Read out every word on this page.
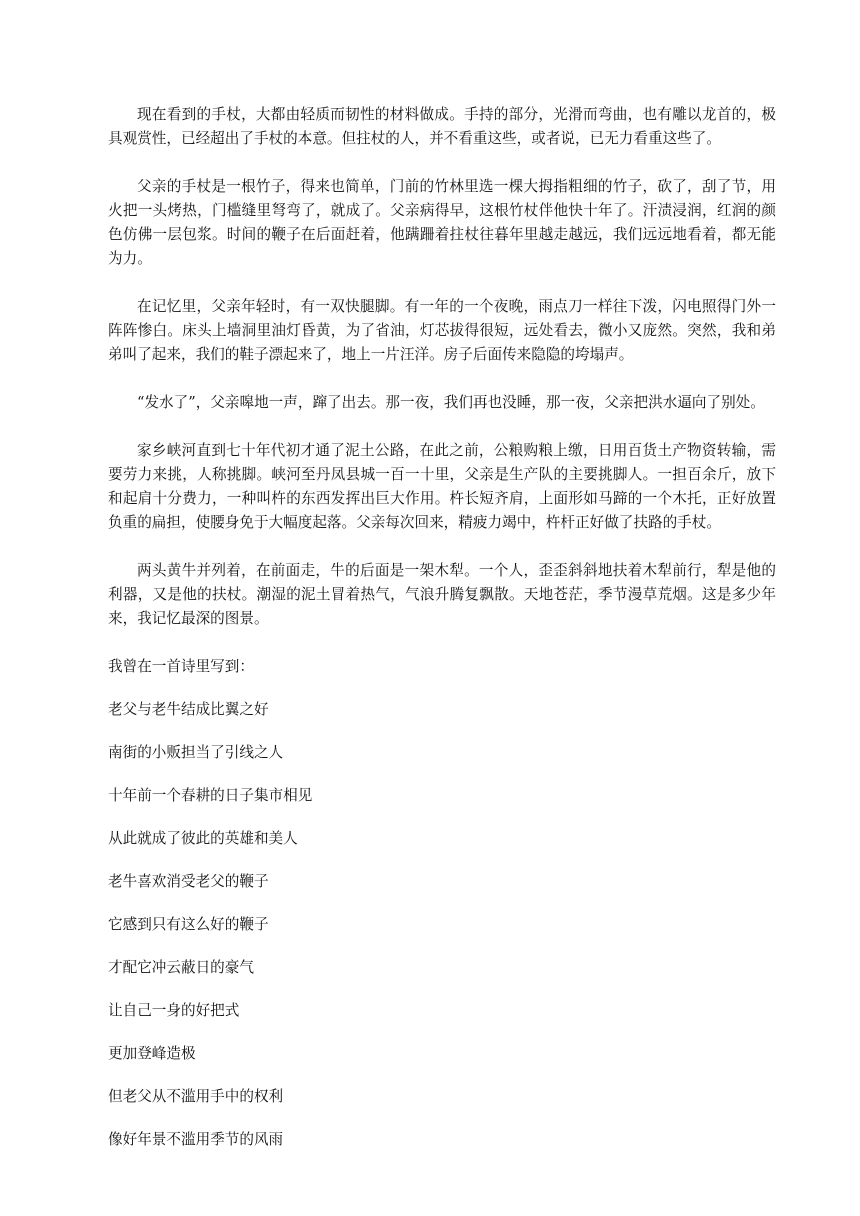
现在看到的手杖，大都由轻质而韧性的材料做成。手持的部分，光滑而弯曲，也有雕以龙首的，极具观赏性，已经超出了手杖的本意。但拄杖的人，并不看重这些，或者说，已无力看重这些了。

父亲的手杖是一根竹子，得来也简单，门前的竹林里选一棵大拇指粗细的竹子，砍了，刮了节，用火把一头烤热，门槛缝里弩弯了，就成了。父亲病得早，这根竹杖伴他快十年了。汗渍浸润，红润的颜色仿佛一层包浆。时间的鞭子在后面赶着，他蹒跚着拄杖往暮年里越走越远，我们远远地看着，都无能为力。

在记忆里，父亲年轻时，有一双快腿脚。有一年的一个夜晚，雨点刀一样往下泼，闪电照得门外一阵阵惨白。床头上墙洞里油灯昏黄，为了省油，灯芯拔得很短，远处看去，微小又庞然。突然，我和弟弟叫了起来，我们的鞋子漂起来了，地上一片汪洋。房子后面传来隐隐的垮塌声。

“发水了”，父亲嗥地一声，蹿了出去。那一夜，我们再也没睡，那一夜，父亲把洪水逼向了别处。

家乡峡河直到七十年代初才通了泥土公路，在此之前，公粮购粮上缴，日用百货土产物资转输，需要劳力来挑，人称挑脚。峡河至丹凤县城一百一十里，父亲是生产队的主要挑脚人。一担百余斤，放下和起肩十分费力，一种叫杵的东西发挥出巨大作用。杵长短齐肩，上面形如马蹄的一个木托，正好放置负重的扁担，使腰身免于大幅度起落。父亲每次回来，精疲力竭中，杵杆正好做了扶路的手杖。

两头黄牛并列着，在前面走，牛的后面是一架木犁。一个人，歪歪斜斜地扶着木犁前行，犁是他的利器，又是他的扶杖。潮湿的泥土冒着热气，气浪升腾复飘散。天地苍茫，季节漫草荒烟。这是多少年来，我记忆最深的图景。

我曾在一首诗里写到：

老父与老牛结成比翼之好

南街的小贩担当了引线之人

十年前一个春耕的日子集市相见

从此就成了彼此的英雄和美人

老牛喜欢消受老父的鞭子

它感到只有这么好的鞭子

才配它冲云蔽日的豪气

让自己一身的好把式

更加登峰造极

但老父从不滥用手中的权利

像好年景不滥用季节的风雨
